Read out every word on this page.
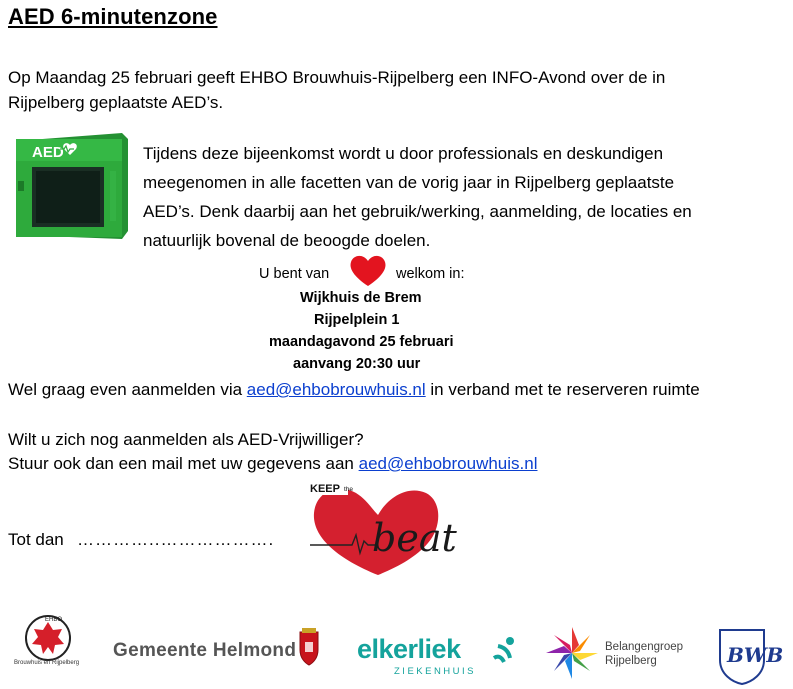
AED 6-minutenzone
Op Maandag 25 februari geeft EHBO Brouwhuis-Rijpelberg een INFO-Avond over de in
Rijpelberg geplaatste AED’s.
AED	Tijdens deze bijeenkomst wordt u door professionals en deskundigen
meegenomen in alle facetten van de vorig jaar in Rijpelberg geplaatste
AED’s. Denk daarbij aan het gebruik/werking, aanmelding, de locaties en
natuurlijk bovenal de beoogde doelen.
U bent van	welkom in:
Wijkhuis de Brem
Rijpelplein 1
maandagavond 25 februari
aanvang 20:30 uur
Wel graag even aanmelden via aed@ehbobrouwhuis.nl in verband met te reserveren ruimte
Wilt u zich nog aanmelden als AED-Vrijwilliger?
Stuur ook dan een mail met uw gegevens aan aed@ehbobrouwhuis.nl
Tot dan …………..……………….
KEEP the
beat
EHBO
Brouwhuis en Rijpelberg
Gemeente Helmond elkerliek
ZIEKENHUIS
Belangengroep
Rijpelberg	BWB
